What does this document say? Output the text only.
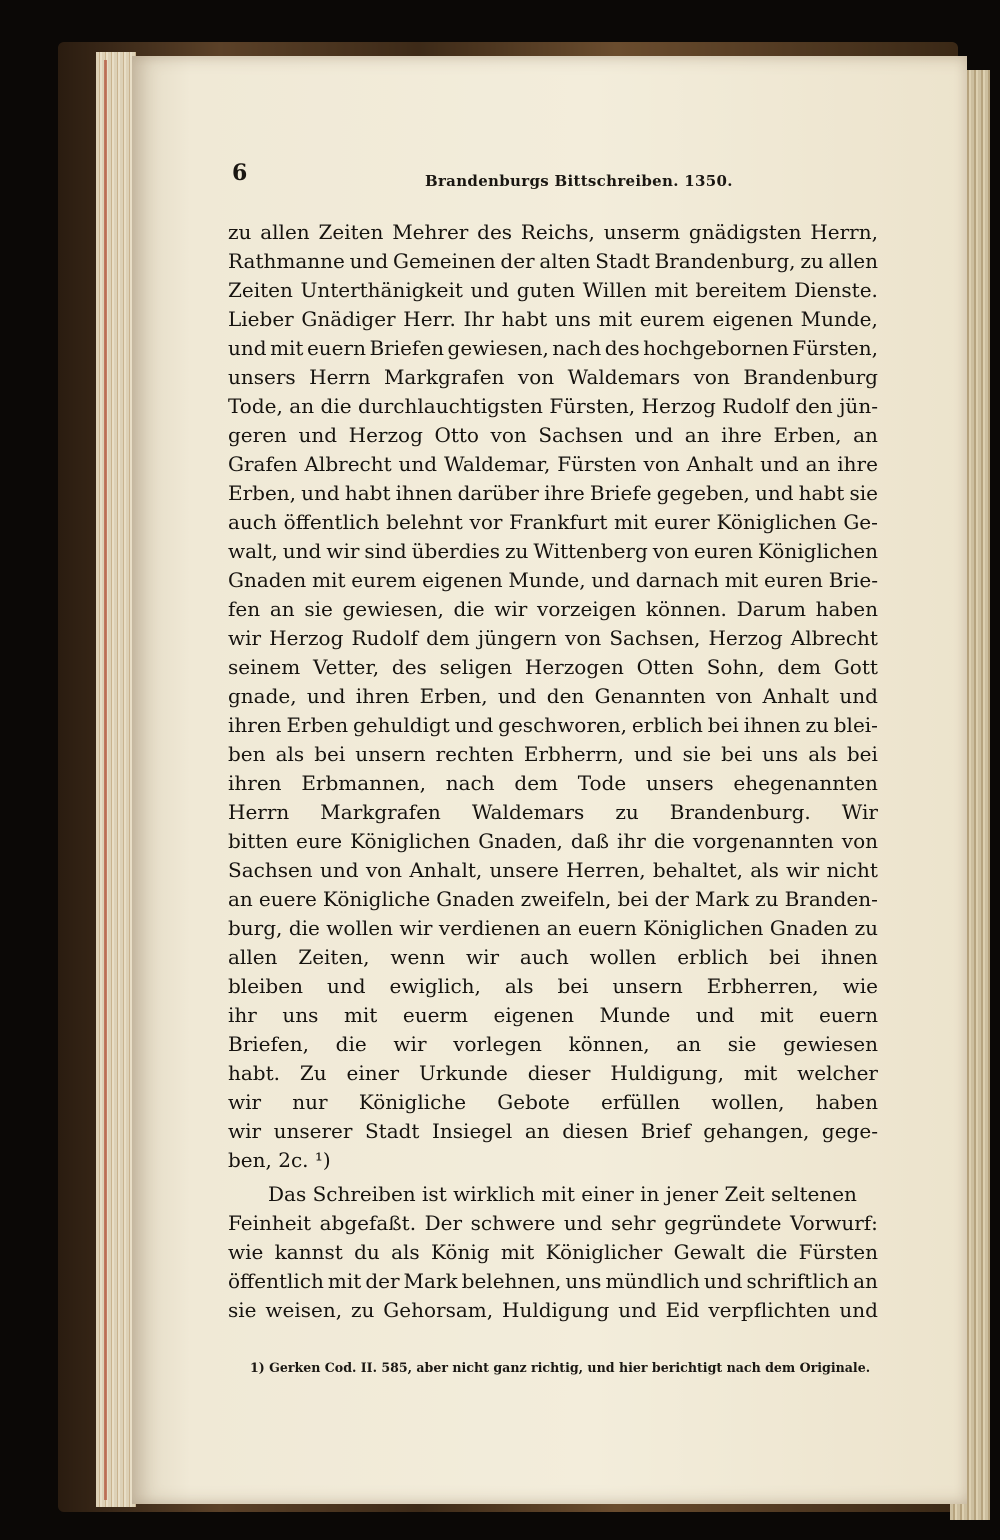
6	Brandenburgs Bittschreiben. 1350.
zu allen Zeiten Mehrer des Reichs, unserm gnädigsten Herrn,
Rathmanne und Gemeinen der alten Stadt Brandenburg, zu allen
Zeiten Unterthänigkeit und guten Willen mit bereitem Dienste.
Lieber Gnädiger Herr. Ihr habt uns mit eurem eigenen Munde,
und mit euern Briefen gewiesen, nach des hochgebornen Fürsten,
unsers Herrn Markgrafen von Waldemars von Brandenburg
Tode, an die durchlauchtigsten Fürsten, Herzog Rudolf den jün-
geren und Herzog Otto von Sachsen und an ihre Erben, an
Grafen Albrecht und Waldemar, Fürsten von Anhalt und an ihre
Erben, und habt ihnen darüber ihre Briefe gegeben, und habt sie
auch öffentlich belehnt vor Frankfurt mit eurer Königlichen Ge-
walt, und wir sind überdies zu Wittenberg von euren Königlichen
Gnaden mit eurem eigenen Munde, und darnach mit euren Brie-
fen an sie gewiesen, die wir vorzeigen können. Darum haben
wir Herzog Rudolf dem jüngern von Sachsen, Herzog Albrecht
seinem Vetter, des seligen Herzogen Otten Sohn, dem Gott
gnade, und ihren Erben, und den Genannten von Anhalt und
ihren Erben gehuldigt und geschworen, erblich bei ihnen zu blei-
ben als bei unsern rechten Erbherrn, und sie bei uns als bei
ihren Erbmannen, nach dem Tode unsers ehegenannten
Herrn Markgrafen Waldemars zu Brandenburg. Wir
bitten eure Königlichen Gnaden, daß ihr die vorgenannten von
Sachsen und von Anhalt, unsere Herren, behaltet, als wir nicht
an euere Königliche Gnaden zweifeln, bei der Mark zu Branden-
burg, die wollen wir verdienen an euern Königlichen Gnaden zu
allen Zeiten, wenn wir auch wollen erblich bei ihnen
bleiben und ewiglich, als bei unsern Erbherren, wie
ihr uns mit euerm eigenen Munde und mit euern
Briefen, die wir vorlegen können, an sie gewiesen
habt. Zu einer Urkunde dieser Huldigung, mit welcher
wir nur Königliche Gebote erfüllen wollen, haben
wir unserer Stadt Insiegel an diesen Brief gehangen, gege-
ben, 2c. ¹)
Das Schreiben ist wirklich mit einer in jener Zeit seltenen
Feinheit abgefaßt. Der schwere und sehr gegründete Vorwurf:
wie kannst du als König mit Königlicher Gewalt die Fürsten
öffentlich mit der Mark belehnen, uns mündlich und schriftlich an
sie weisen, zu Gehorsam, Huldigung und Eid verpflichten und
1) Gerken Cod. II. 585, aber nicht ganz richtig, und hier berichtigt nach dem Originale.
